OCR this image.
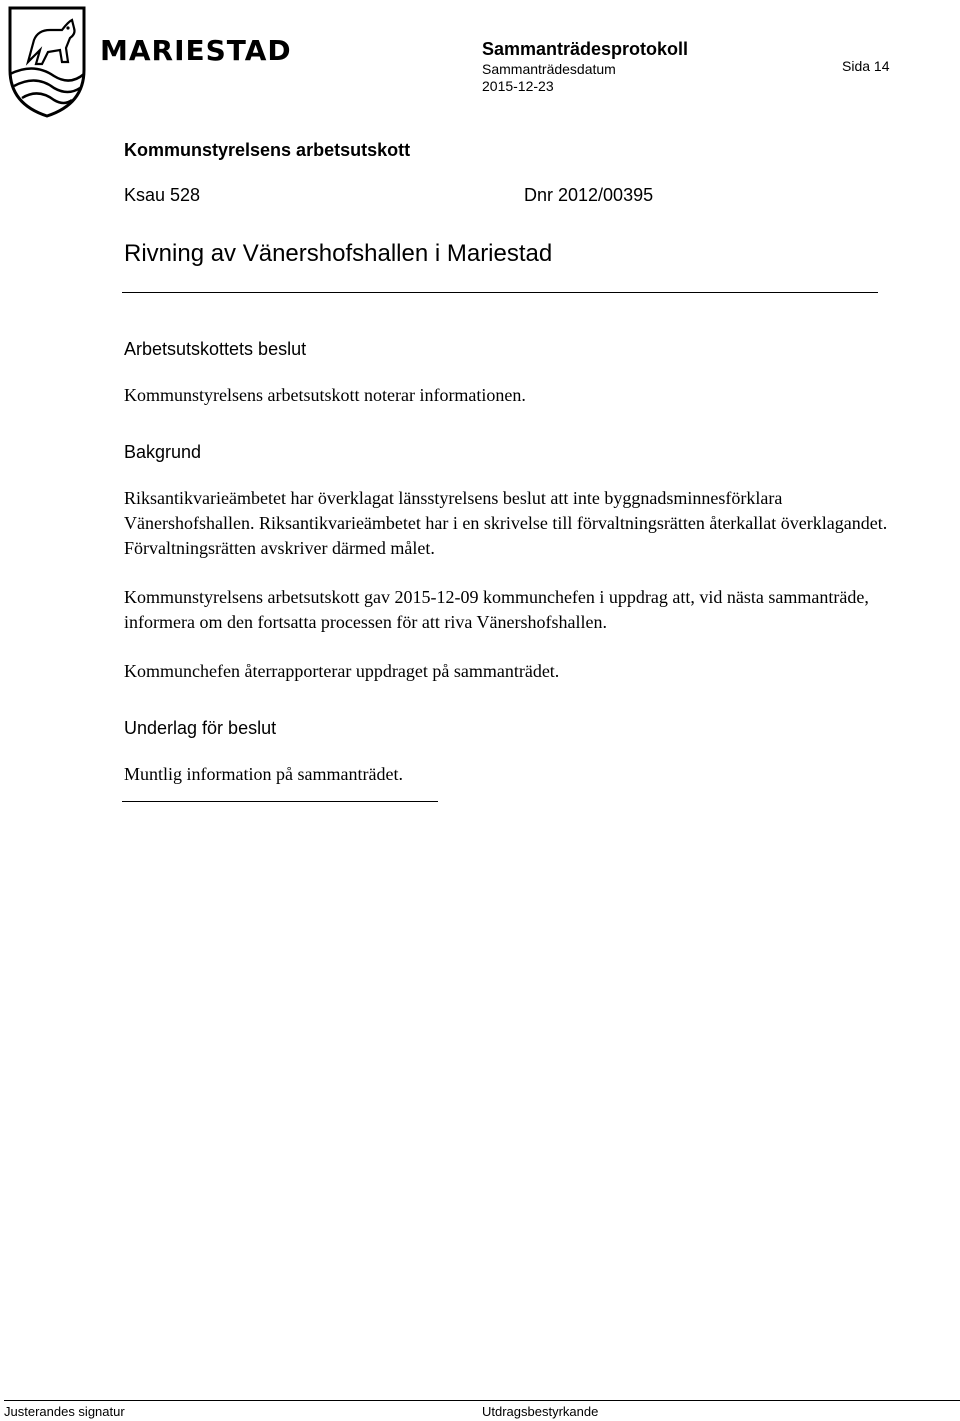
MARIESTAD	Sammanträdesprotokoll
Sammanträdesdatum
2015-12-23
Sida 14
Kommunstyrelsens arbetsutskott
Ksau 528	Dnr 2012/00395
Rivning av Vänershofshallen i Mariestad
Arbetsutskottets beslut
Kommunstyrelsens arbetsutskott noterar informationen.
Bakgrund
Riksantikvarieämbetet har överklagat länsstyrelsens beslut att inte byggnadsminnesförklara Vänershofshallen. Riksantikvarieämbetet har i en skrivelse till förvaltningsrätten återkallat överklagandet. Förvaltningsrätten avskriver därmed målet.
Kommunstyrelsens arbetsutskott gav 2015-12-09 kommunchefen i uppdrag att, vid nästa sammanträde, informera om den fortsatta processen för att riva Vänershofshallen.
Kommunchefen återrapporterar uppdraget på sammanträdet.
Underlag för beslut
Muntlig information på sammanträdet.
Justerandes signatur	Utdragsbestyrkande
